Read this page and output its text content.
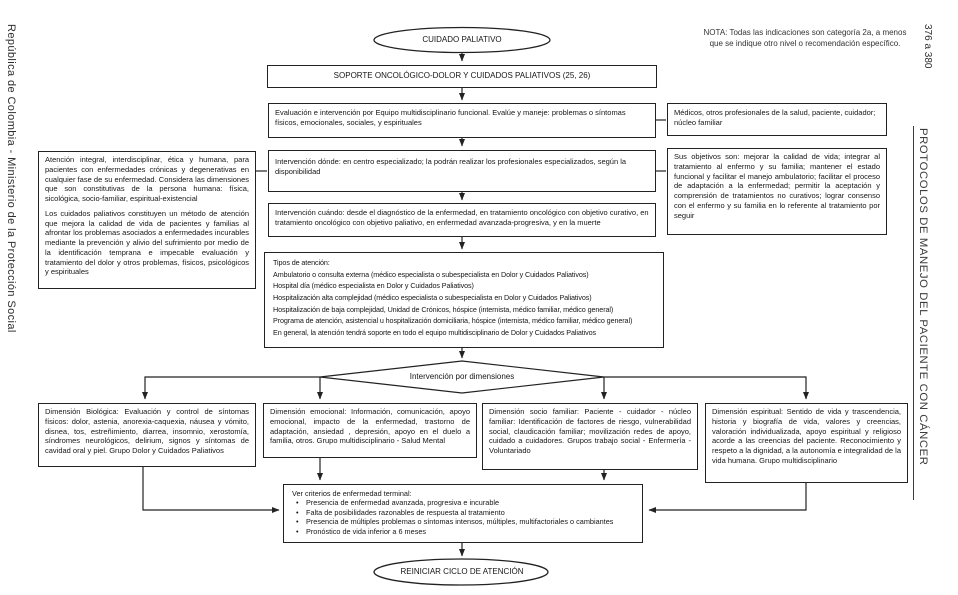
República de Colombia - Ministerio de la Protección Social	376 a 380
PROTOCOLOS DE MANEJO DEL PACIENTE CON CÁNCER
NOTA: Todas las indicaciones son categoría 2a, a menos que se indique otro nivel o recomendación específico.
CUIDADO PALIATIVO
SOPORTE ONCOLÓGICO-DOLOR Y CUIDADOS PALIATIVOS (25, 26)
Evaluación e intervención por Equipo multidisciplinario funcional. Evalúe y maneje: problemas o síntomas físicos, emocionales, sociales, y espirituales
Médicos, otros profesionales de la salud, paciente, cuidador; núcleo familiar
Atención integral, interdisciplinar, ética y humana, para pacientes con enfermedades crónicas y degenerativas en cualquier fase de su enfermedad. Considera las dimensiones que son constitutivas de la persona humana: física, sicológica, socio-familiar, espiritual-existencial
Los cuidados paliativos constituyen un método de atención que mejora la calidad de vida de pacientes y familias al afrontar los problemas asociados a enfermedades incurables mediante la prevención y alivio del sufrimiento por medio de la identificación temprana e impecable evaluación y tratamiento del dolor y otros problemas, físicos, psicológicos y espirituales
Intervención dónde: en centro especializado; la podrán realizar los profesionales especializados, según la disponibilidad
Sus objetivos son: mejorar la calidad de vida; integrar al tratamiento al enfermo y su familia; mantener el estado funcional y facilitar el manejo ambulatorio; facilitar el proceso de adaptación a la enfermedad; permitir la aceptación y comprensión de tratamientos no curativos; lograr consenso con el enfermo y su familia en lo referente al tratamiento por seguir
Intervención cuándo: desde el diagnóstico de la enfermedad, en tratamiento oncológico con objetivo curativo, en tratamiento oncológico con objetivo paliativo, en enfermedad avanzada-progresiva, y en la muerte
Tipos de atención:
Ambulatorio o consulta externa (médico especialista o subespecialista en Dolor y Cuidados Paliativos)
Hospital día (médico especialista en Dolor y Cuidados Paliativos)
Hospitalización alta complejidad (médico especialista o subespecialista en Dolor y Cuidados Paliativos)
Hospitalización de baja complejidad, Unidad de Crónicos, hóspice (internista, médico familiar, médico general)
Programa de atención, asistencial u hospitalización domiciliaria, hóspice (internista, médico familiar, médico general)
En general, la atención tendrá soporte en todo el equipo multidisciplinario de Dolor y Cuidados Paliativos
Intervención por dimensiones
Dimensión Biológica: Evaluación y control de síntomas físicos: dolor, astenia, anorexia-caquexia, náusea y vómito, disnea, tos, estreñimiento, diarrea, insomnio, xerostomía, síndromes neurológicos, delirium, signos y síntomas de cavidad oral y piel. Grupo Dolor y Cuidados Paliativos
Dimensión emocional: Información, comunicación, apoyo emocional, impacto de la enfermedad, trastorno de adaptación, ansiedad , depresión, apoyo en el duelo a familia, otros. Grupo multidisciplinario - Salud Mental
Dimensión socio familiar: Paciente - cuidador - núcleo familiar: Identificación de factores de riesgo, vulnerabilidad social, claudicación familiar; movilización redes de apoyo, cuidado a cuidadores. Grupos trabajo social - Enfermería - Voluntariado
Dimensión espiritual: Sentido de vida y trascendencia, historia y biografía de vida, valores y creencias, valoración individualizada, apoyo espiritual y religioso acorde a las creencias del paciente. Reconocimiento y respeto a la dignidad, a la autonomía e integralidad de la vida humana. Grupo multidisciplinario
Ver criterios de enfermedad terminal:
• Presencia de enfermedad avanzada, progresiva e incurable
• Falta de posibilidades razonables de respuesta al tratamiento
• Presencia de múltiples problemas o síntomas intensos, múltiples, multifactoriales o cambiantes
• Pronóstico de vida inferior a 6 meses
REINICIAR CICLO DE ATENCIÓN
